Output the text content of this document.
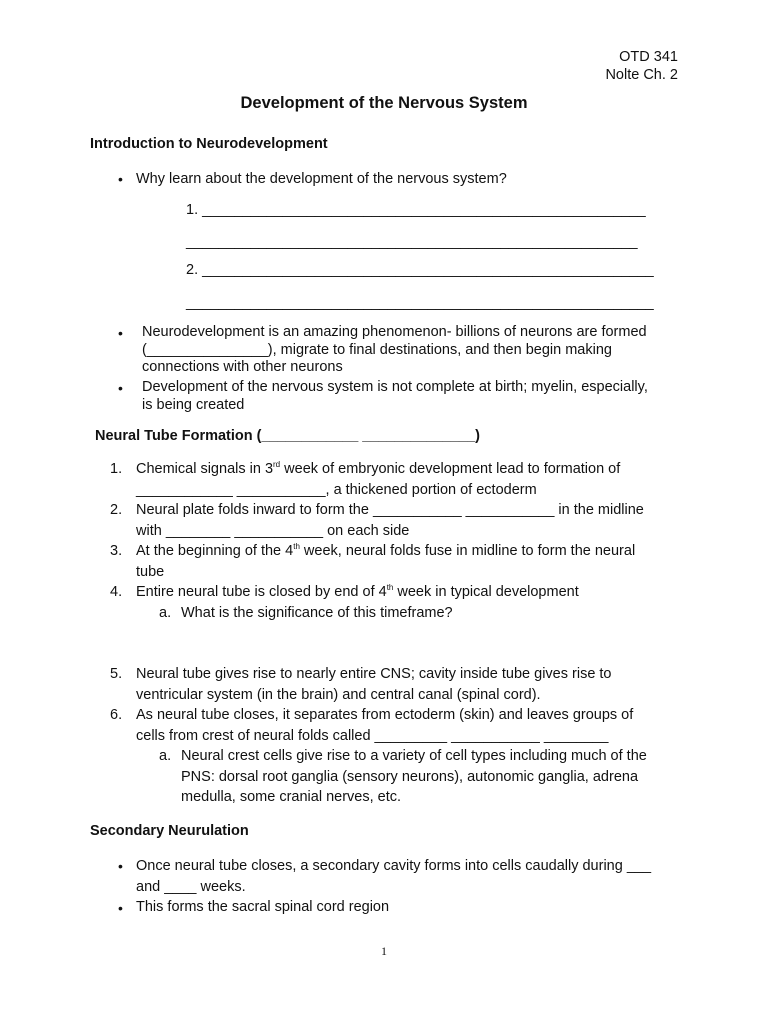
OTD 341
Nolte Ch. 2
Development of the Nervous System
Introduction to Neurodevelopment
• Why learn about the development of the nervous system?
1. _______________________________________________________
________________________________________________________
2. ________________________________________________________
__________________________________________________________
• Neurodevelopment is an amazing phenomenon- billions of neurons are formed
(_______________), migrate to final destinations, and then begin making
connections with other neurons
• Development of the nervous system is not complete at birth; myelin, especially,
is being created
Neural Tube Formation (____________ ______________)
1. Chemical signals in 3rd week of embryonic development lead to formation of
____________ ___________, a thickened portion of ectoderm
2. Neural plate folds inward to form the ___________ ___________ in the midline
with ________ ___________ on each side
3. At the beginning of the 4th week, neural folds fuse in midline to form the neural
tube
4. Entire neural tube is closed by end of 4th week in typical development
a. What is the significance of this timeframe?
5. Neural tube gives rise to nearly entire CNS; cavity inside tube gives rise to
ventricular system (in the brain) and central canal (spinal cord).
6. As neural tube closes, it separates from ectoderm (skin) and leaves groups of
cells from crest of neural folds called _________ ___________ ________
a. Neural crest cells give rise to a variety of cell types including much of the
PNS: dorsal root ganglia (sensory neurons), autonomic ganglia, adrena
medulla, some cranial nerves, etc.
Secondary Neurulation
• Once neural tube closes, a secondary cavity forms into cells caudally during ___
and ____ weeks.
• This forms the sacral spinal cord region
1
